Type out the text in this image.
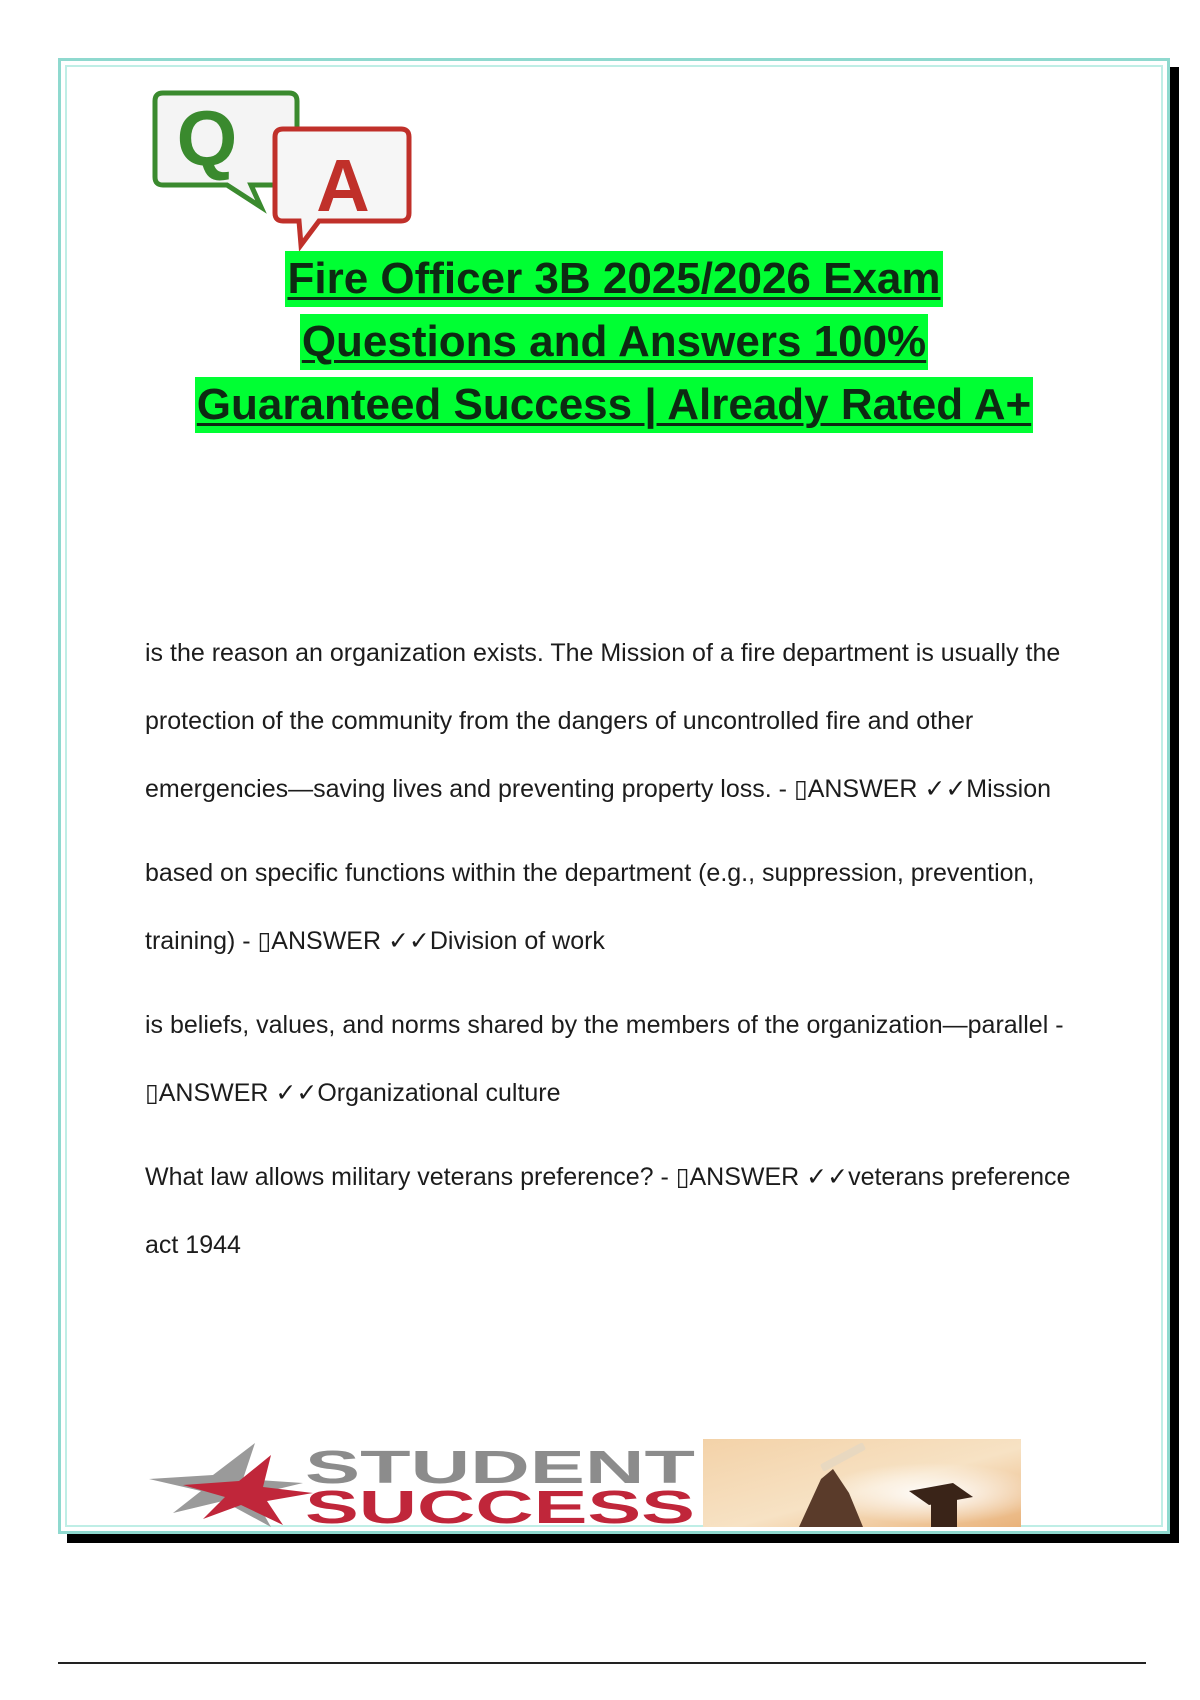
Q
A
Fire Officer 3B 2025/2026 Exam
Questions and Answers 100%
Guaranteed Success | Already Rated A+
is the reason an organization exists. The Mission of a fire department is usually the protection of the community from the dangers of uncontrolled fire and other emergencies—saving lives and preventing property loss. - ▯ANSWER ✓✓Mission
based on specific functions within the department (e.g., suppression, prevention, training) - ▯ANSWER ✓✓Division of work
is beliefs, values, and norms shared by the members of the organization—parallel - ▯ANSWER ✓✓Organizational culture
What law allows military veterans preference? - ▯ANSWER ✓✓veterans preference act 1944
STUDENT
SUCCESS
